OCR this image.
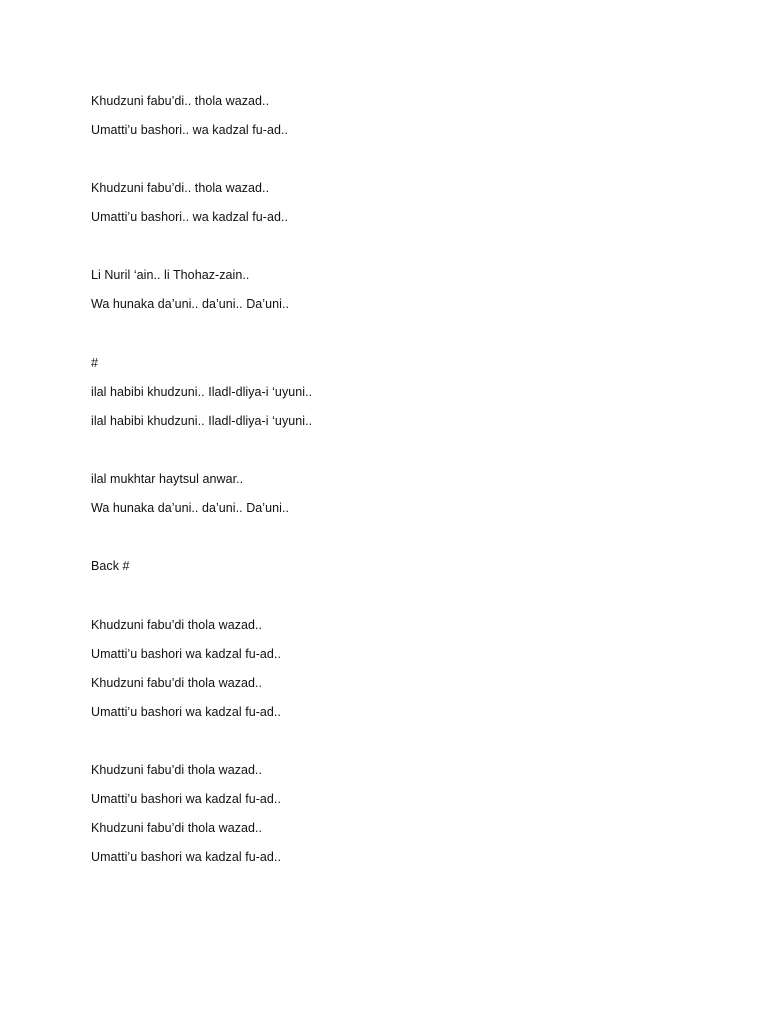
Khudzuni fabu’di.. thola wazad..
Umatti’u bashori.. wa kadzal fu-ad..
Khudzuni fabu’di.. thola wazad..
Umatti’u bashori.. wa kadzal fu-ad..
Li Nuril ‘ain.. li Thohaz-zain..
Wa hunaka da’uni.. da’uni.. Da’uni..
#
ilal habibi khudzuni.. Iladl-dliya-i ‘uyuni..
ilal habibi khudzuni.. Iladl-dliya-i ‘uyuni..
ilal mukhtar haytsul anwar..
Wa hunaka da’uni.. da’uni.. Da’uni..
Back #
Khudzuni fabu’di thola wazad..
Umatti’u bashori wa kadzal fu-ad..
Khudzuni fabu’di thola wazad..
Umatti’u bashori wa kadzal fu-ad..
Khudzuni fabu’di thola wazad..
Umatti’u bashori wa kadzal fu-ad..
Khudzuni fabu’di thola wazad..
Umatti’u bashori wa kadzal fu-ad..
